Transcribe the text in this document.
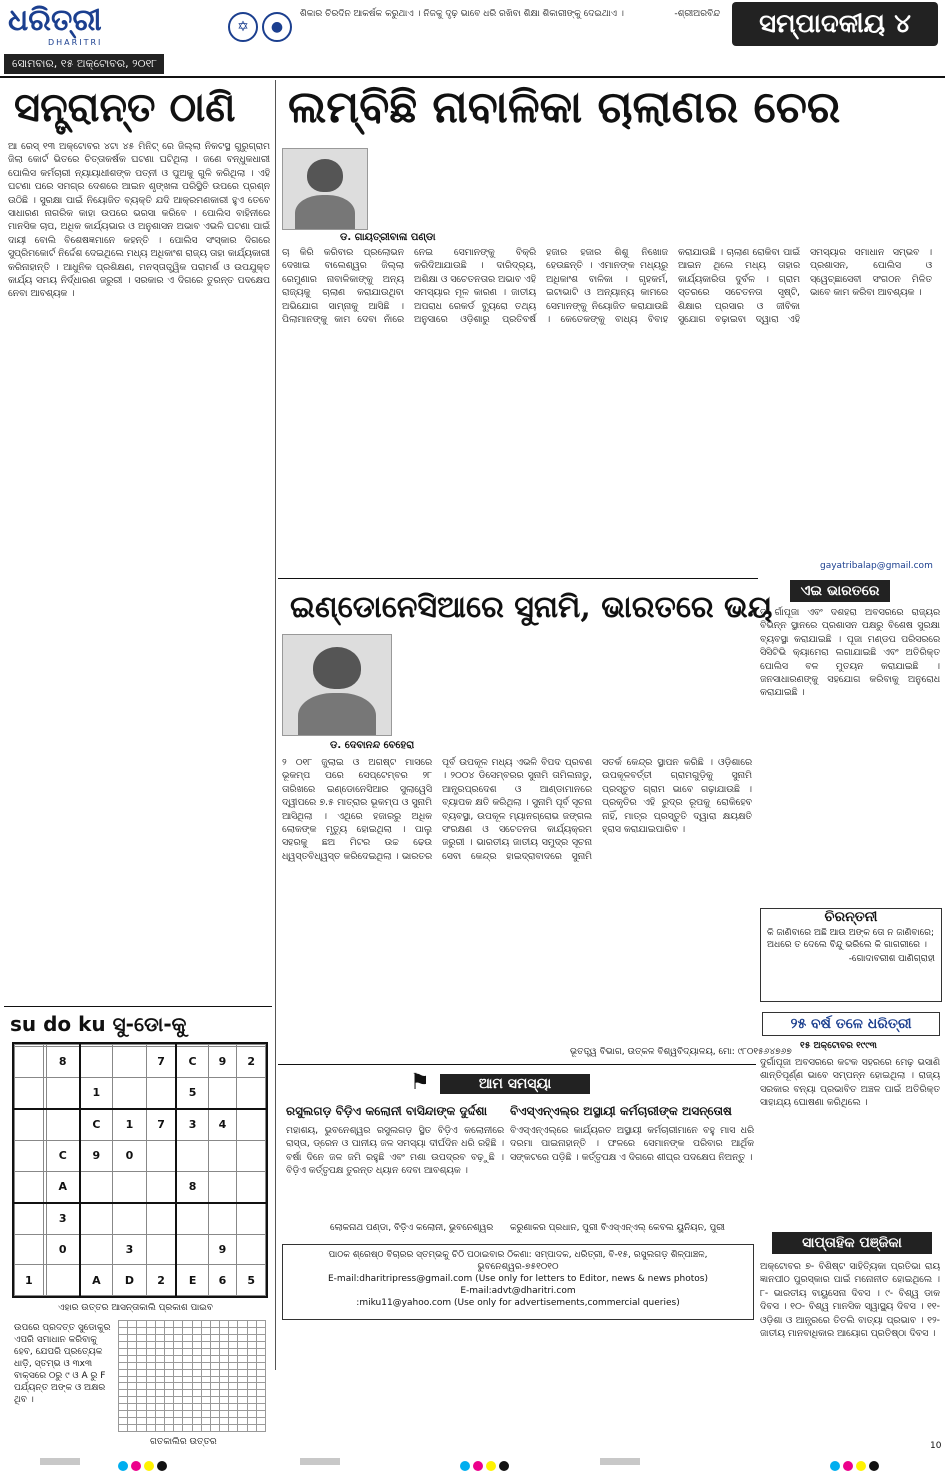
ଧରିତ୍ରୀ
DHARITRI
ସୋମବାର, ୧୫ ଅକ୍ଟୋବର, ୨୦୧୮
✡	●
ଶିକାର ଚିରଦିନ ଆକର୍ଷକ କରୁଥାଏ । ନିଜକୁ ଦୃଢ଼ ଭାବେ ଧରି ରଖିବା ଶିକ୍ଷା ଶିକାରୀଙ୍କୁ ଦେଇଥାଏ ।	-ଶ୍ରୀଅରବିନ୍ଦ	ସମ୍ପାଦକୀୟ ୪
ସନ୍ତ୍ରାନ୍ତ ଠାଣି
ଆ ରେସ୍ ୧୩ ଅକ୍ଟୋବର ୪ଟା ୪୫ ମିନିଟ୍ ରେ ଜିଲ୍ଲା ନିକଟସ୍ଥ ଗୁରୁଗ୍ରାମ ଜିଲା କୋର୍ଟ ଭିତରେ ଚିତ୍ତାକର୍ଷକ ଘଟଣା ଘଟିଥିଲା । ଜଣେ ବନ୍ଧୁକଧାରୀ ପୋଲିସ କର୍ମଚାରୀ ନ୍ୟାୟାଧୀଶଙ୍କ ପତ୍ନୀ ଓ ପୁଅକୁ ଗୁଳି କରିଥିଲା । ଏହି ଘଟଣା ପରେ ସମଗ୍ର ଦେଶରେ ଆଇନ ଶୃଙ୍ଖଳା ପରିସ୍ଥିତି ଉପରେ ପ୍ରଶ୍ନ ଉଠିଛି । ସୁରକ୍ଷା ପାଇଁ ନିୟୋଜିତ ବ୍ୟକ୍ତି ଯଦି ଆକ୍ରମଣକାରୀ ହୁଏ ତେବେ ସାଧାରଣ ନାଗରିକ କାହା ଉପରେ ଭରସା କରିବେ । ପୋଲିସ ବାହିନୀରେ ମାନସିକ ଚାପ, ଅଧିକ କାର୍ଯ୍ୟଭାର ଓ ଅନୁଶାସନ ଅଭାବ ଏଭଳି ଘଟଣା ପାଇଁ ଦାୟୀ ବୋଲି ବିଶେଷଜ୍ଞମାନେ କହନ୍ତି । ପୋଲିସ ସଂସ୍କାର ଦିଗରେ ସୁପ୍ରିମକୋର୍ଟ ନିର୍ଦ୍ଦେଶ ଦେଇଥିଲେ ମଧ୍ୟ ଅଧିକାଂଶ ରାଜ୍ୟ ତାହା କାର୍ଯ୍ୟକାରୀ କରିନାହାନ୍ତି । ଆଧୁନିକ ପ୍ରଶିକ୍ଷଣ, ମନସ୍ତାତ୍ତ୍ୱିକ ପରାମର୍ଶ ଓ ଉପଯୁକ୍ତ କାର୍ଯ୍ୟ ସମୟ ନିର୍ଦ୍ଧାରଣ ଜରୁରୀ । ସରକାର ଏ ଦିଗରେ ତୁରନ୍ତ ପଦକ୍ଷେପ ନେବା ଆବଶ୍ୟକ ।
ଲମ୍ବିଛି ନାବାଳିକା ଚାଲାଣର ଚେର
ଡ. ଗାୟତ୍ରୀବାଳା ପଣ୍ଡା
ଚା କିରି କରିବାର ପ୍ରଲୋଭନ ଦେଖାଇ ବାଲେଶ୍ୱର ଜିଲ୍ଲା ରେମୁଣାର ନାବାଳିକାଙ୍କୁ ଅନ୍ୟ ରାଜ୍ୟକୁ ଚାଲାଣ କରାଯାଉଥିବା ଅଭିଯୋଗ ସାମ୍ନାକୁ ଆସିଛି । ପିଲାମାନଙ୍କୁ କାମ ଦେବା ନାଁରେ ନେଇ ସେମାନଙ୍କୁ ବିକ୍ରି କରିଦିଆଯାଉଛି । ଦାରିଦ୍ର୍ୟ, ଅଶିକ୍ଷା ଓ ସଚେତନତାର ଅଭାବ ଏହି ସମସ୍ୟାର ମୂଳ କାରଣ । ଜାତୀୟ ଅପରାଧ ରେକର୍ଡ ବ୍ୟୁରୋ ତଥ୍ୟ ଅନୁସାରେ ଓଡ଼ିଶାରୁ ପ୍ରତିବର୍ଷ ହଜାର ହଜାର ଶିଶୁ ନିଖୋଜ ହେଉଛନ୍ତି । ଏମାନଙ୍କ ମଧ୍ୟରୁ ଅଧିକାଂଶ ବାଳିକା । ଗୃହକର୍ମ, ଇଟାଭାଟି ଓ ଅନ୍ୟାନ୍ୟ କାମରେ ସେମାନଙ୍କୁ ନିୟୋଜିତ କରାଯାଉଛି । କେତେକଙ୍କୁ ବାଧ୍ୟ ବିବାହ କରାଯାଉଛି । ଚାଲାଣ ରୋକିବା ପାଇଁ ଆଇନ ଥିଲେ ମଧ୍ୟ ତାହାର କାର୍ଯ୍ୟକାରିତା ଦୁର୍ବଳ । ଗ୍ରାମ ସ୍ତରରେ ସଚେତନତା ସୃଷ୍ଟି, ଶିକ୍ଷାର ପ୍ରସାର ଓ ଜୀବିକା ସୁଯୋଗ ବଢ଼ାଇବା ଦ୍ୱାରା ଏହି ସମସ୍ୟାର ସମାଧାନ ସମ୍ଭବ । ପ୍ରଶାସନ, ପୋଲିସ ଓ ସ୍ୱେଚ୍ଛାସେବୀ ସଂଗଠନ ମିଳିତ ଭାବେ କାମ କରିବା ଆବଶ୍ୟକ ।
gayatribalap@gmail.com
ଏଇ ଭାରତରେ
ଦୁ ର୍ଗାପୂଜା ଏବଂ ଦଶହରା ଅବସରରେ ରାଜ୍ୟର ବିଭିନ୍ନ ସ୍ଥାନରେ ପ୍ରଶାସନ ପକ୍ଷରୁ ବିଶେଷ ସୁରକ୍ଷା ବ୍ୟବସ୍ଥା କରାଯାଇଛି । ପୂଜା ମଣ୍ଡପ ପରିସରରେ ସିସିଟିଭି କ୍ୟାମେରା ଲଗାଯାଇଛି ଏବଂ ଅତିରିକ୍ତ ପୋଲିସ ବଳ ମୁତୟନ କରାଯାଇଛି । ଜନସାଧାରଣଙ୍କୁ ସହଯୋଗ କରିବାକୁ ଅନୁରୋଧ କରାଯାଇଛି ।
ଚିରନ୍ତନୀ
କି ଜାଣିବାରେ ଅଛି ଆଉ ଅଙ୍କ ତୋ ନ ଜାଣିବାରେ; ଅଧରେ ତ ଦେଲେ ବିନ୍ଦୁ ଭରିଲେ କି ଗାଗରୀରେ ।
-ଗୋଦାବରୀଶ ପାଣିଗ୍ରାହୀ
୨୫ ବର୍ଷ ତଳେ ଧରିତ୍ରୀ
୧୫ ଅକ୍ଟୋବର ୧୯୯୩
ଦୁର୍ଗାପୂଜା ଅବସରରେ କଟକ ସହରରେ ମେଢ଼ ଭସାଣି ଶାନ୍ତିପୂର୍ଣ୍ଣ ଭାବେ ସମ୍ପନ୍ନ ହୋଇଥିଲା । ରାଜ୍ୟ ସରକାର ବନ୍ୟା ପ୍ରଭାବିତ ଅଞ୍ଚଳ ପାଇଁ ଅତିରିକ୍ତ ସାହାଯ୍ୟ ଘୋଷଣା କରିଥିଲେ ।
ସାପ୍ତାହିକ ପଞ୍ଜିକା
ଅକ୍ଟୋବର ୭- ବିଶିଷ୍ଟ ସାହିତ୍ୟିକା ପ୍ରତିଭା ରାୟ ଜ୍ଞାନପୀଠ ପୁରସ୍କାର ପାଇଁ ମନୋନୀତ ହୋଇଥିଲେ । ୮- ଭାରତୀୟ ବାୟୁସେନା ଦିବସ । ୯- ବିଶ୍ୱ ଡାକ ଦିବସ । ୧୦- ବିଶ୍ୱ ମାନସିକ ସ୍ୱାସ୍ଥ୍ୟ ଦିବସ । ୧୧- ଓଡ଼ିଶା ଓ ଆନ୍ଧ୍ରରେ ତିତଲି ବାତ୍ୟା ପ୍ରଭାବ । ୧୨- ଜାତୀୟ ମାନବାଧିକାର ଆୟୋଗ ପ୍ରତିଷ୍ଠା ଦିବସ ।
ଇଣ୍ଡୋନେସିଆରେ ସୁନାମି, ଭାରତରେ ଭୟ
ଡ. ଦେବାନନ୍ଦ ବେହେରା
୨ ୦୧୮ ଜୁଲାଇ ଓ ଅଗଷ୍ଟ ମାସରେ ଭୂକମ୍ପ ପରେ ସେପ୍ଟେମ୍ବର ୨୮ ତାରିଖରେ ଇଣ୍ଡୋନେସିଆର ସୁଲାୱେସି ଦ୍ୱୀପରେ ୭.୫ ମାତ୍ରାର ଭୂକମ୍ପ ଓ ସୁନାମି ଆସିଥିଲା । ଏଥିରେ ହଜାରରୁ ଅଧିକ ଲୋକଙ୍କ ମୃତ୍ୟୁ ହୋଇଥିଲା । ପାଲୁ ସହରକୁ ଛଅ ମିଟର ଉଚ୍ଚ ଢେଉ ଧ୍ୱସ୍ତବିଧ୍ୱସ୍ତ କରିଦେଇଥିଲା । ଭାରତର ପୂର୍ବ ଉପକୂଳ ମଧ୍ୟ ଏଭଳି ବିପଦ ପ୍ରବଣ । ୨୦୦୪ ଡିସେମ୍ବରର ସୁନାମି ତାମିଲନାଡୁ, ଆନ୍ଧ୍ରପ୍ରଦେଶ ଓ ଆଣ୍ଡାମାନରେ ବ୍ୟାପକ କ୍ଷତି କରିଥିଲା । ସୁନାମି ପୂର୍ବ ସୂଚନା ବ୍ୟବସ୍ଥା, ଉପକୂଳ ମ୍ୟାନଗ୍ରୋଭ ଜଙ୍ଗଲ ସଂରକ୍ଷଣ ଓ ସଚେତନତା କାର୍ଯ୍ୟକ୍ରମ ଜରୁରୀ । ଭାରତୀୟ ଜାତୀୟ ସମୁଦ୍ର ସୂଚନା ସେବା କେନ୍ଦ୍ର ହାଇଦ୍ରାବାଦରେ ସୁନାମି ସତର୍କ କେନ୍ଦ୍ର ସ୍ଥାପନ କରିଛି । ଓଡ଼ିଶାରେ ଉପକୂଳବର୍ତ୍ତୀ ଗ୍ରାମଗୁଡ଼ିକୁ ସୁନାମି ପ୍ରସ୍ତୁତ ଗ୍ରାମ ଭାବେ ଗଢ଼ାଯାଉଛି । ପ୍ରକୃତିର ଏହି ରୁଦ୍ର ରୂପକୁ ରୋକିହେବ ନାହିଁ, ମାତ୍ର ପ୍ରସ୍ତୁତି ଦ୍ୱାରା କ୍ଷୟକ୍ଷତି ହ୍ରାସ କରାଯାଇପାରିବ ।
ଭୂତତ୍ତ୍ୱ ବିଭାଗ, ଉତ୍କଳ ବିଶ୍ୱବିଦ୍ୟାଳୟ, ମୋ: ୯୮୦୧୫୬୪୭୬୭
su do ku ସୁ-ଡୋ-କୁ

		8			7	C	9	2
			1			5		
			C	1	7	3	4	
		C	9	0				
		A				8		
		3						
		0		3			9	
1			A	D	2	E	6	5
ଏହାର ଉତ୍ତର ଆସନ୍ତାକାଲି ପ୍ରକାଶ ପାଇବ
ଉପରେ ପ୍ରଦତ୍ତ ସୁଡୋକୁର ଏପରି ସମାଧାନ କରିବାକୁ ହେବ, ଯେପରି ପ୍ରତ୍ୟେକ ଧାଡ଼ି, ସ୍ତମ୍ଭ ଓ ୩x୩ ବାକ୍ସରେ ୦ରୁ ୯ ଓ A ରୁ F ପର୍ଯ୍ୟନ୍ତ ଅଙ୍କ ଓ ଅକ୍ଷର ଥିବ ।

ଗତକାଲିର ଉତ୍ତର
⚑	ଆମ ସମସ୍ୟା
ରସୁଲଗଡ଼ ବିଡ଼ିଏ କଲୋନୀ ବାସିନ୍ଦାଙ୍କ ଦୁର୍ଦ୍ଦଶା
ମହାଶୟ, ଭୁବନେଶ୍ୱର ରସୁଲଗଡ଼ ସ୍ଥିତ ବିଡ଼ିଏ କଲୋନୀରେ ରାସ୍ତା, ଡ୍ରେନ ଓ ପାନୀୟ ଜଳ ସମସ୍ୟା ଦୀର୍ଘଦିନ ଧରି ରହିଛି । ବର୍ଷା ଦିନେ ଜଳ ଜମି ରହୁଛି ଏବଂ ମଶା ଉପଦ୍ରବ ବଢ଼ୁଛି । ବିଡ଼ିଏ କର୍ତ୍ତୃପକ୍ଷ ତୁରନ୍ତ ଧ୍ୟାନ ଦେବା ଆବଶ୍ୟକ ।
ଲୋକନାଥ ପଣ୍ଡା, ବିଡ଼ିଏ କଲୋନୀ, ଭୁବନେଶ୍ୱର
ବିଏସ୍ଏନ୍ଏଲ୍ର ଅସ୍ଥାୟୀ କର୍ମଚାରୀଙ୍କ ଅସନ୍ତୋଷ
ବିଏସ୍ଏନ୍ଏଲ୍ରେ କାର୍ଯ୍ୟରତ ଅସ୍ଥାୟୀ କର୍ମଚାରୀମାନେ ବହୁ ମାସ ଧରି ଦରମା ପାଇନାହାନ୍ତି । ଫଳରେ ସେମାନଙ୍କ ପରିବାର ଆର୍ଥିକ ସଙ୍କଟରେ ପଡ଼ିଛି । କର୍ତ୍ତୃପକ୍ଷ ଏ ଦିଗରେ ଶୀଘ୍ର ପଦକ୍ଷେପ ନିଅନ୍ତୁ ।
କରୁଣାକର ପ୍ରଧାନ, ପୁରୀ ବିଏସ୍ଏନ୍ଏଲ୍ କେବଲ ୟୁନିୟନ, ପୁରୀ
ପାଠକ ଶ୍ରେଷ୍ଠ ବିଚାରର ସ୍ତମ୍ଭକୁ ଚିଠି ପଠାଇବାର ଠିକଣା: ସମ୍ପାଦକ, ଧରିତ୍ରୀ, ବି-୧୫, ରସୁଲଗଡ଼ ଶିଳ୍ପାଞ୍ଚଳ, ଭୁବନେଶ୍ୱର-୭୫୧୦୧୦
E-mail:dharitripress@gmail.com (Use only for letters to Editor, news & news photos)
E-mail:advt@dharitri.com
:miku11@yahoo.com (Use only for advertisements,commercial queries)
10
